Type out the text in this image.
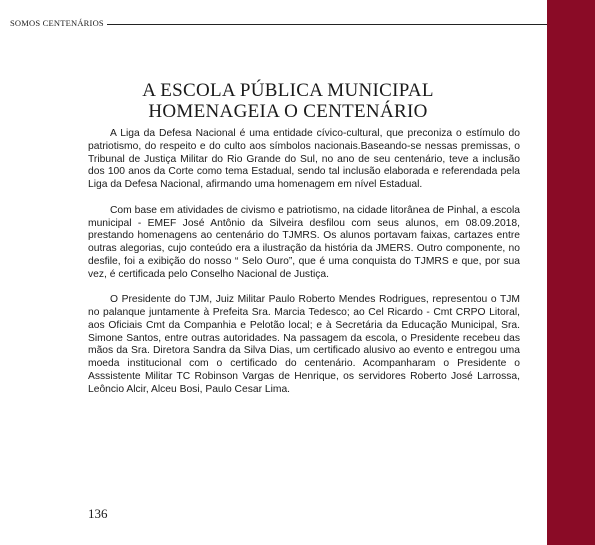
SOMOS CENTENÁRIOS
A ESCOLA PÚBLICA MUNICIPAL
HOMENAGEIA O CENTENÁRIO

A Liga da Defesa Nacional é uma entidade cívico-cultural, que preconiza o estímulo do patriotismo, do respeito e do culto aos símbolos nacionais.Baseando-se nessas premissas, o Tribunal de Justiça Militar do Rio Grande do Sul, no ano de seu centenário, teve a inclusão dos 100 anos da Corte como tema Estadual, sendo tal inclusão elaborada e referendada pela Liga da Defesa Nacional, afirmando uma homenagem em nível Estadual.

Com base em atividades de civismo e patriotismo, na cidade litorânea de Pinhal, a escola municipal - EMEF José Antônio da Silveira desfilou com seus alunos, em 08.09.2018, prestando homenagens ao centenário do TJMRS. Os alunos portavam faixas, cartazes entre outras alegorias, cujo conteúdo era a ilustração da história da JMERS. Outro componente, no desfile, foi a exibição do nosso “ Selo Ouro”, que é uma conquista do TJMRS e que, por sua vez, é certificada pelo Conselho Nacional de Justiça.

O Presidente do TJM, Juiz Militar Paulo Roberto Mendes Rodrigues, representou o TJM no palanque juntamente à Prefeita Sra. Marcia Tedesco; ao Cel Ricardo - Cmt CRPO Litoral, aos Oficiais Cmt da Companhia e Pelotão local; e à Secretária da Educação Municipal, Sra. Simone Santos, entre outras autoridades. Na passagem da escola, o Presidente recebeu das mãos da Sra. Diretora Sandra da Silva Dias, um certificado alusivo ao evento e entregou uma moeda institucional com o certificado do centenário. Acompanharam o Presidente o Asssistente Militar TC Robinson Vargas de Henrique, os servidores Roberto José Larrossa, Leôncio Alcir, Alceu Bosi, Paulo Cesar Lima.

136
